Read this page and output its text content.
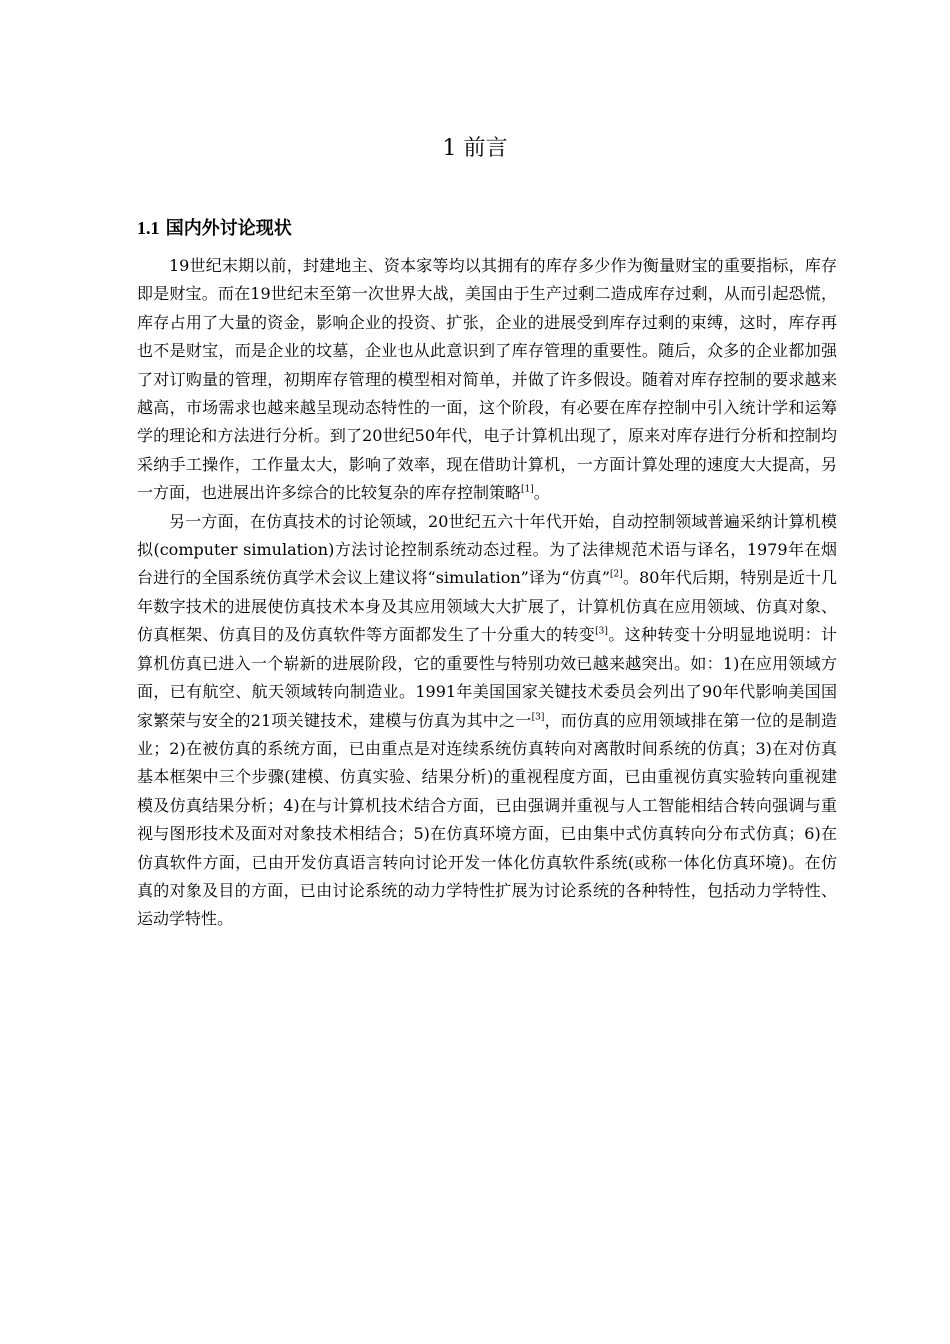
1 前言
1.1 国内外讨论现状

19世纪末期以前，封建地主、资本家等均以其拥有的库存多少作为衡量财宝的重要指标，库存即是财宝。而在19世纪末至第一次世界大战，美国由于生产过剩二造成库存过剩，从而引起恐慌，库存占用了大量的资金，影响企业的投资、扩张，企业的进展受到库存过剩的束缚，这时，库存再也不是财宝，而是企业的坟墓，企业也从此意识到了库存管理的重要性。随后，众多的企业都加强了对订购量的管理，初期库存管理的模型相对简单，并做了许多假设。随着对库存控制的要求越来越高，市场需求也越来越呈现动态特性的一面，这个阶段，有必要在库存控制中引入统计学和运筹学的理论和方法进行分析。到了20世纪50年代，电子计算机出现了，原来对库存进行分析和控制均采纳手工操作，工作量太大，影响了效率，现在借助计算机，一方面计算处理的速度大大提高，另一方面，也进展出许多综合的比较复杂的库存控制策略[1]。

另一方面，在仿真技术的讨论领域，20世纪五六十年代开始，自动控制领域普遍采纳计算机模拟(computer simulation)方法讨论控制系统动态过程。为了法律规范术语与译名，1979年在烟台进行的全国系统仿真学术会议上建议将“simulation”译为“仿真”[2]。80年代后期，特别是近十几年数字技术的进展使仿真技术本身及其应用领域大大扩展了，计算机仿真在应用领域、仿真对象、仿真框架、仿真目的及仿真软件等方面都发生了十分重大的转变[3]。这种转变十分明显地说明：计算机仿真已进入一个崭新的进展阶段，它的重要性与特别功效已越来越突出。如：1)在应用领域方面，已有航空、航天领域转向制造业。1991年美国国家关键技术委员会列出了90年代影响美国国家繁荣与安全的21项关键技术，建模与仿真为其中之一[3]，而仿真的应用领域排在第一位的是制造业；2)在被仿真的系统方面，已由重点是对连续系统仿真转向对离散时间系统的仿真；3)在对仿真基本框架中三个步骤(建模、仿真实验、结果分析)的重视程度方面，已由重视仿真实验转向重视建模及仿真结果分析；4)在与计算机技术结合方面，已由强调并重视与人工智能相结合转向强调与重视与图形技术及面对对象技术相结合；5)在仿真环境方面，已由集中式仿真转向分布式仿真；6)在仿真软件方面，已由开发仿真语言转向讨论开发一体化仿真软件系统(或称一体化仿真环境)。在仿真的对象及目的方面，已由讨论系统的动力学特性扩展为讨论系统的各种特性，包括动力学特性、运动学特性。
